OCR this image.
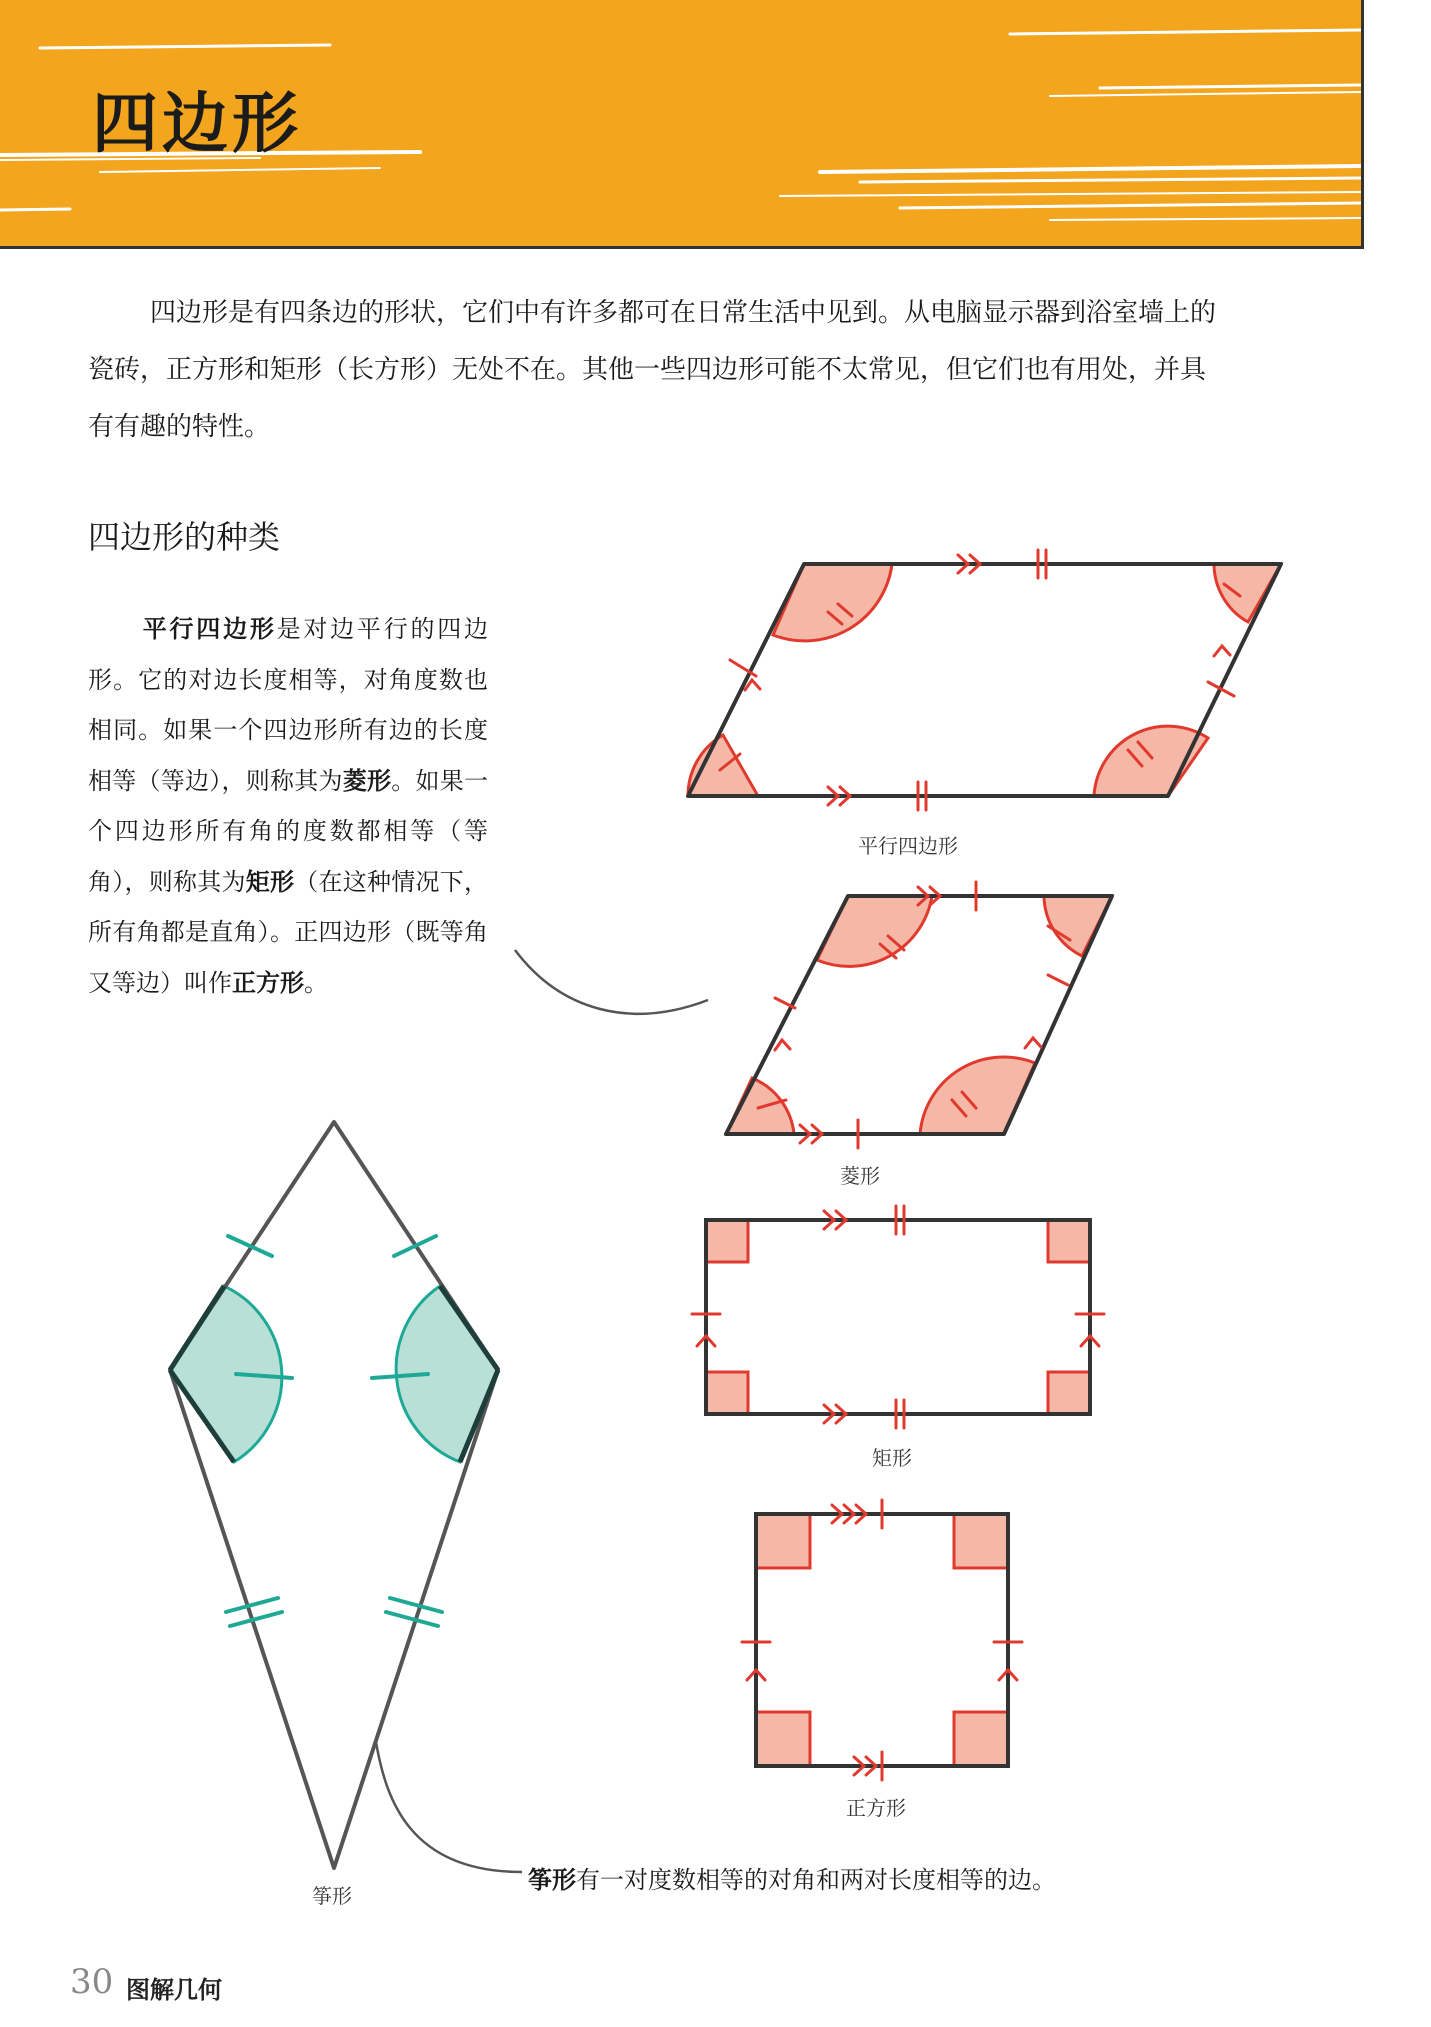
四边形

四边形是有四条边的形状，它们中有许多都可在日常生活中见到。从电脑显示器到浴室墙上的瓷砖，正方形和矩形（长方形）无处不在。其他一些四边形可能不太常见，但它们也有用处，并具有有趣的特性。

四边形的种类

平行四边形是对边平行的四边形。它的对边长度相等，对角度数也相同。如果一个四边形所有边的长度相等（等边），则称其为菱形。如果一个四边形所有角的度数都相等（等角），则称其为矩形（在这种情况下，所有角都是直角）。正四边形（既等角又等边）叫作正方形。

平行四边形
菱形
矩形
正方形
筝形
筝形有一对度数相等的对角和两对长度相等的边。
30 图解几何
